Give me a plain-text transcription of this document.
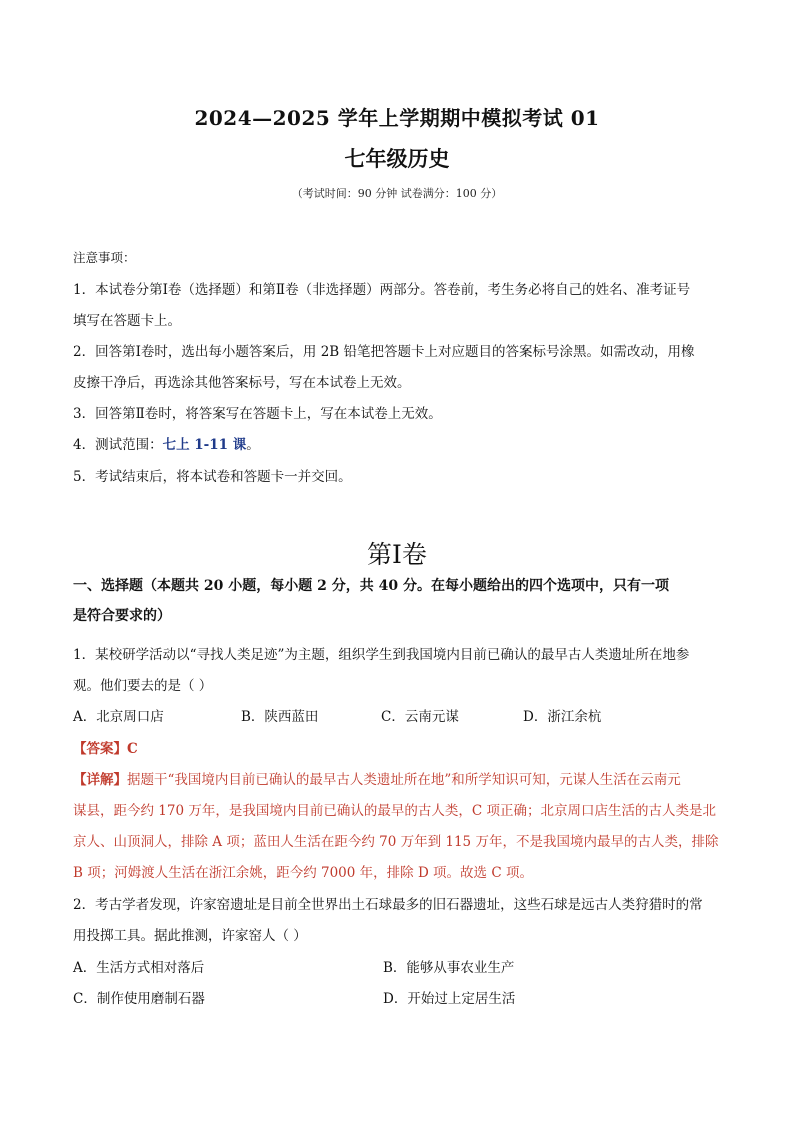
2024—2025 学年上学期期中模拟考试 01
七年级历史
（考试时间：90 分钟 试卷满分：100 分）
注意事项：
1．本试卷分第Ⅰ卷（选择题）和第Ⅱ卷（非选择题）两部分。答卷前，考生务必将自己的姓名、准考证号
填写在答题卡上。
2．回答第Ⅰ卷时，选出每小题答案后，用 2B 铅笔把答题卡上对应题目的答案标号涂黑。如需改动，用橡
皮擦干净后，再选涂其他答案标号，写在本试卷上无效。
3．回答第Ⅱ卷时，将答案写在答题卡上，写在本试卷上无效。
4．测试范围：七上 1-11 课。
5．考试结束后，将本试卷和答题卡一并交回。
第Ⅰ卷
一、选择题（本题共 20 小题，每小题 2 分，共 40 分。在每小题给出的四个选项中，只有一项
是符合要求的）
1．某校研学活动以“寻找人类足迹”为主题，组织学生到我国境内目前已确认的最早古人类遗址所在地参
观。他们要去的是（ ）
A．北京周口店	B．陕西蓝田	C．云南元谋	D．浙江余杭
【答案】C
【详解】据题干“我国境内目前已确认的最早古人类遗址所在地”和所学知识可知，元谋人生活在云南元
谋县，距今约 170 万年，是我国境内目前已确认的最早的古人类，C 项正确；北京周口店生活的古人类是北
京人、山顶洞人，排除 A 项；蓝田人生活在距今约 70 万年到 115 万年，不是我国境内最早的古人类，排除
B 项；河姆渡人生活在浙江余姚，距今约 7000 年，排除 D 项。故选 C 项。
2．考古学者发现，许家窑遗址是目前全世界出土石球最多的旧石器遗址，这些石球是远古人类狩猎时的常
用投掷工具。据此推测，许家窑人（ ）
A．生活方式相对落后	B．能够从事农业生产
C．制作使用磨制石器	D．开始过上定居生活
